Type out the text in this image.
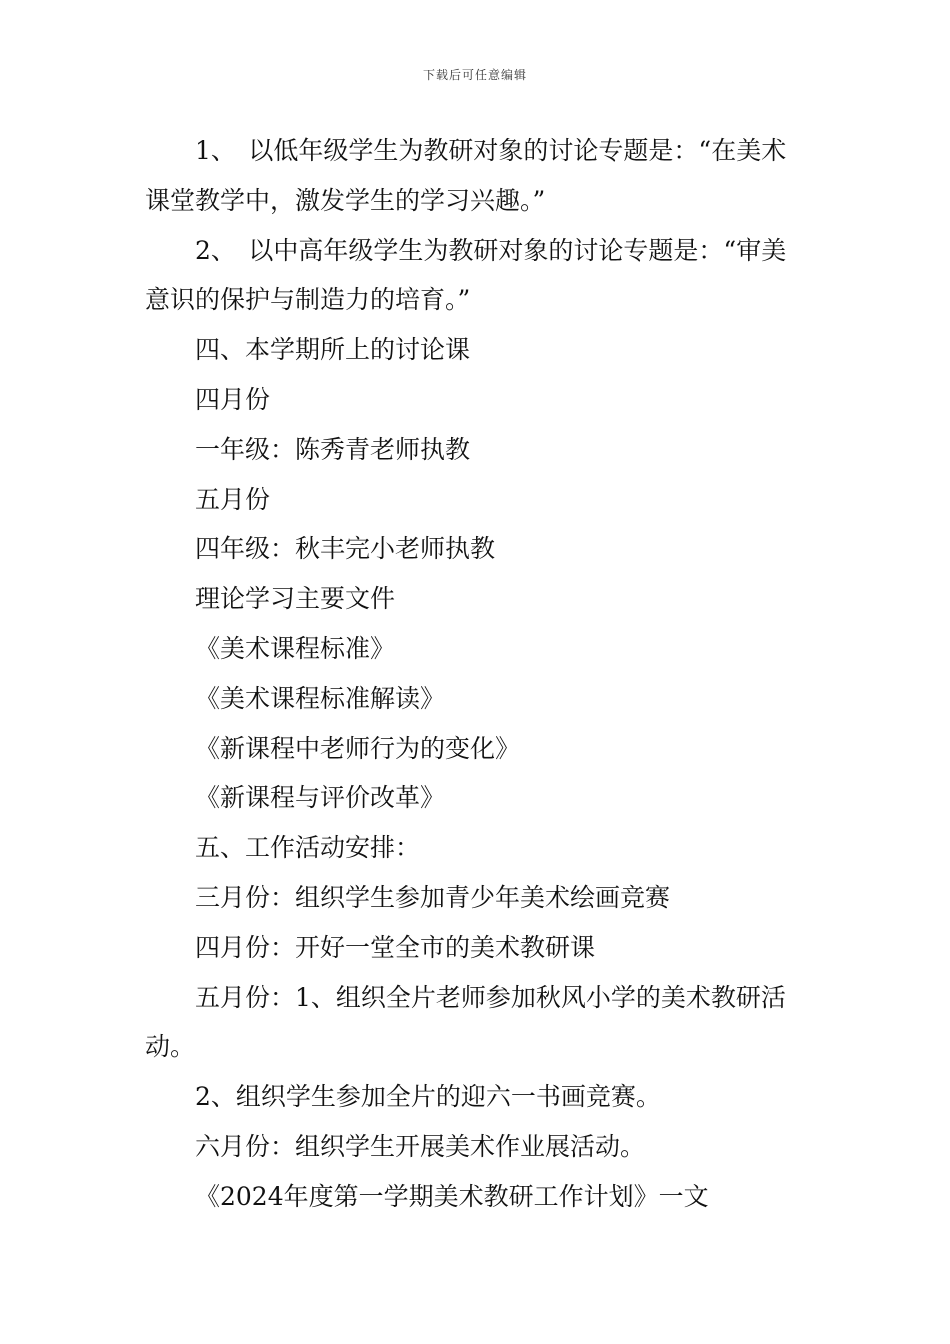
下载后可任意编辑

1、　以低年级学生为教研对象的讨论专题是：“在美术课堂教学中，激发学生的学习兴趣。”

2、　以中高年级学生为教研对象的讨论专题是：“审美意识的保护与制造力的培育。”

四、本学期所上的讨论课

四月份

一年级：陈秀青老师执教

五月份

四年级：秋丰完小老师执教

理论学习主要文件

《美术课程标准》

《美术课程标准解读》

《新课程中老师行为的变化》

《新课程与评价改革》

五、工作活动安排：

三月份：组织学生参加青少年美术绘画竞赛

四月份：开好一堂全市的美术教研课

五月份：1、组织全片老师参加秋风小学的美术教研活动。

2、组织学生参加全片的迎六一书画竞赛。

六月份：组织学生开展美术作业展活动。

《2024年度第一学期美术教研工作计划》一文
